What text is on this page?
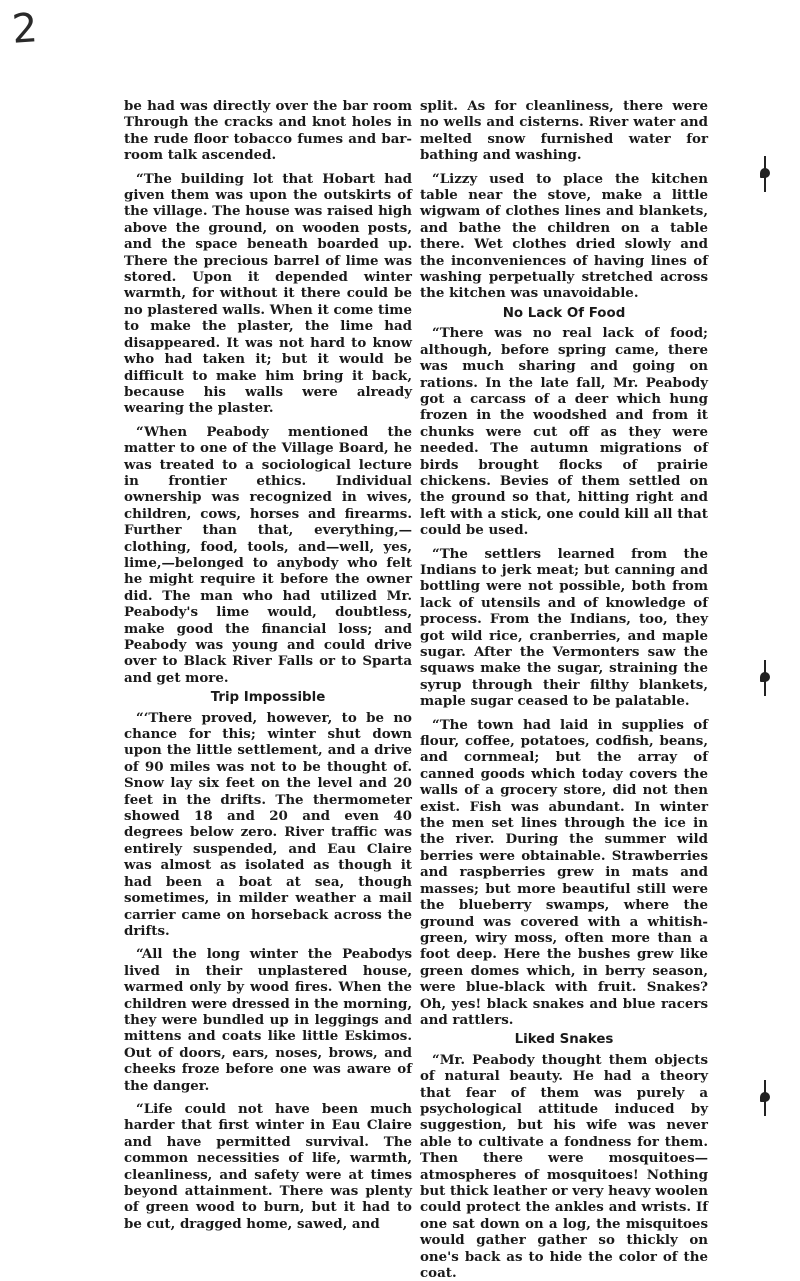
2

be had was directly over the bar room Through the cracks and knot holes in the rude floor tobacco fumes and bar-room talk ascended.

“The building lot that Hobart had given them was upon the outskirts of the village. The house was raised high above the ground, on wooden posts, and the space beneath boarded up. There the precious barrel of lime was stored. Upon it depended winter warmth, for without it there could be no plastered walls. When it come time to make the plaster, the lime had disappeared. It was not hard to know who had taken it; but it would be difficult to make him bring it back, because his walls were already wearing the plaster.

“When Peabody mentioned the matter to one of the Village Board, he was treated to a sociological lecture in frontier ethics. Individual ownership was recognized in wives, children, cows, horses and firearms. Further than that, everything,—clothing, food, tools, and—well, yes, lime,—belonged to anybody who felt he might require it before the owner did. The man who had utilized Mr. Peabody's lime would, doubtless, make good the financial loss; and Peabody was young and could drive over to Black River Falls or to Sparta and get more.

Trip Impossible

“‘There proved, however, to be no chance for this; winter shut down upon the little settlement, and a drive of 90 miles was not to be thought of. Snow lay six feet on the level and 20 feet in the drifts. The thermometer showed 18 and 20 and even 40 degrees below zero. River traffic was entirely suspended, and Eau Claire was almost as isolated as though it had been a boat at sea, though sometimes, in milder weather a mail carrier came on horseback across the drifts.

“All the long winter the Peabodys lived in their unplastered house, warmed only by wood fires. When the children were dressed in the morning, they were bundled up in leggings and mittens and coats like little Eskimos. Out of doors, ears, noses, brows, and cheeks froze before one was aware of the danger.

“Life could not have been much harder that first winter in Eau Claire and have permitted survival. The common necessities of life, warmth, cleanliness, and safety were at times beyond attainment. There was plenty of green wood to burn, but it had to be cut, dragged home, sawed, and

split. As for cleanliness, there were no wells and cisterns. River water and melted snow furnished water for bathing and washing.

“Lizzy used to place the kitchen table near the stove, make a little wigwam of clothes lines and blankets, and bathe the children on a table there. Wet clothes dried slowly and the inconveniences of having lines of washing perpetually stretched across the kitchen was unavoidable.

No Lack Of Food

“There was no real lack of food; although, before spring came, there was much sharing and going on rations. In the late fall, Mr. Peabody got a carcass of a deer which hung frozen in the woodshed and from it chunks were cut off as they were needed. The autumn migrations of birds brought flocks of prairie chickens. Bevies of them settled on the ground so that, hitting right and left with a stick, one could kill all that could be used.

“The settlers learned from the Indians to jerk meat; but canning and bottling were not possible, both from lack of utensils and of knowledge of process. From the Indians, too, they got wild rice, cranberries, and maple sugar. After the Vermonters saw the squaws make the sugar, straining the syrup through their filthy blankets, maple sugar ceased to be palatable.

“The town had laid in supplies of flour, coffee, potatoes, codfish, beans, and cornmeal; but the array of canned goods which today covers the walls of a grocery store, did not then exist. Fish was abundant. In winter the men set lines through the ice in the river. During the summer wild berries were obtainable. Strawberries and raspberries grew in mats and masses; but more beautiful still were the blueberry swamps, where the ground was covered with a whitish-green, wiry moss, often more than a foot deep. Here the bushes grew like green domes which, in berry season, were blue-black with fruit. Snakes? Oh, yes! black snakes and blue racers and rattlers.

Liked Snakes

“Mr. Peabody thought them objects of natural beauty. He had a theory that fear of them was purely a psychological attitude induced by suggestion, but his wife was never able to cultivate a fondness for them. Then there were mosquitoes—atmospheres of mosquitoes! Nothing but thick leather or very heavy woolen could protect the ankles and wrists. If one sat down on a log, the misquitoes would gather gather so thickly on one's back as to hide the color of the coat.
